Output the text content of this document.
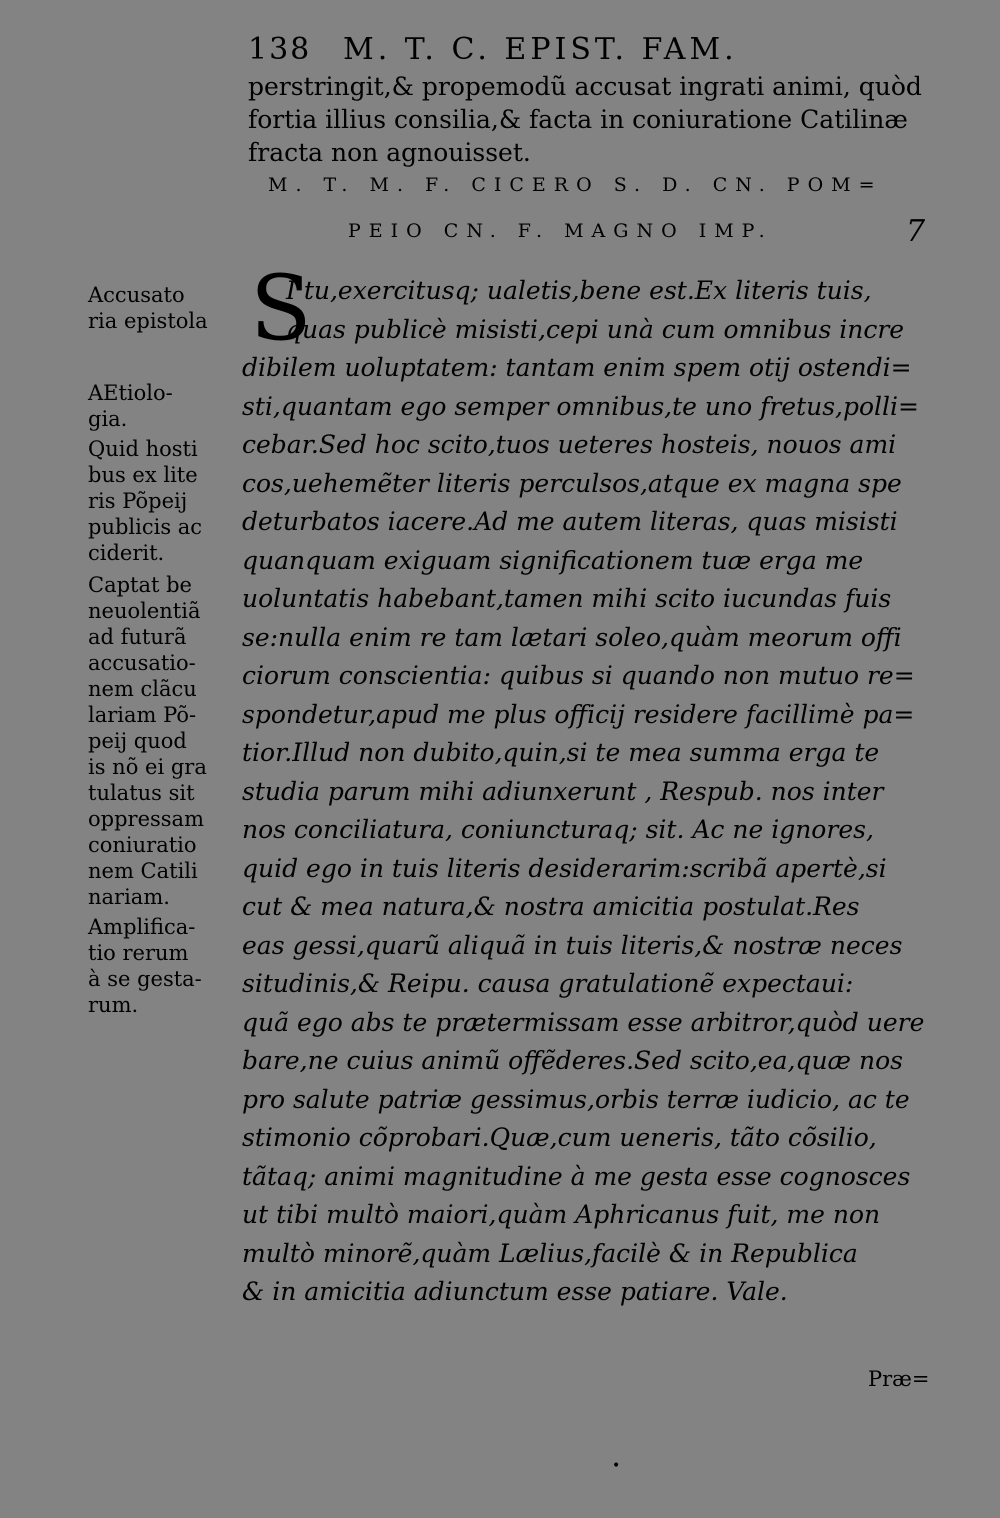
138 M. T. C. EPIST. FAM.
perstringit,& propemodũ accusat ingrati animi, quòd
fortia illius consilia,& facta in coniuratione Catilinæ
fracta non agnouisset.
M. T. M. F. CICERO S. D. CN. POM=
PEIO CN. F. MAGNO IMP.	7
Accusato
ria epistola
AEtiolo-
gia.
Quid hosti
bus ex lite
ris Põpeij
publicis ac
ciderit.
Captat be
neuolentiã
ad futurã
accusatio-
nem clãcu
lariam Põ-
peij quod
is nõ ei gra
tulatus sit
oppressam
coniuratio
nem Catili
nariam.
Amplifica-
tio rerum
à se gesta-
rum.
S
I tu,exercitusq; ualetis,bene est.Ex literis tuis,
quas publicè misisti,cepi unà cum omnibus incre
dibilem uoluptatem: tantam enim spem otij ostendi=
sti,quantam ego semper omnibus,te uno fretus,polli=
cebar.Sed hoc scito,tuos ueteres hosteis, nouos ami
cos,uehemẽter literis perculsos,atque ex magna spe
deturbatos iacere.Ad me autem literas, quas misisti
quanquam exiguam significationem tuæ erga me
uoluntatis habebant,tamen mihi scito iucundas fuis
se:nulla enim re tam lætari soleo,quàm meorum offi
ciorum conscientia: quibus si quando non mutuo re=
spondetur,apud me plus officij residere facillimè pa=
tior.Illud non dubito,quin,si te mea summa erga te
studia parum mihi adiunxerunt , Respub. nos inter
nos conciliatura, coniuncturaq; sit. Ac ne ignores,
quid ego in tuis literis desiderarim:scribã apertè,si
cut & mea natura,& nostra amicitia postulat.Res
eas gessi,quarũ aliquã in tuis literis,& nostræ neces
situdinis,& Reipu. causa gratulationẽ expectaui:
quã ego abs te prætermissam esse arbitror,quòd uere
bare,ne cuius animũ offẽderes.Sed scito,ea,quæ nos
pro salute patriæ gessimus,orbis terræ iudicio, ac te
stimonio cõprobari.Quæ,cum ueneris, tãto cõsilio,
tãtaq; animi magnitudine à me gesta esse cognosces
ut tibi multò maiori,quàm Aphricanus fuit, me non
multò minorẽ,quàm Lælius,facilè & in Republica
& in amicitia adiunctum esse patiare. Vale.
Præ=
•
